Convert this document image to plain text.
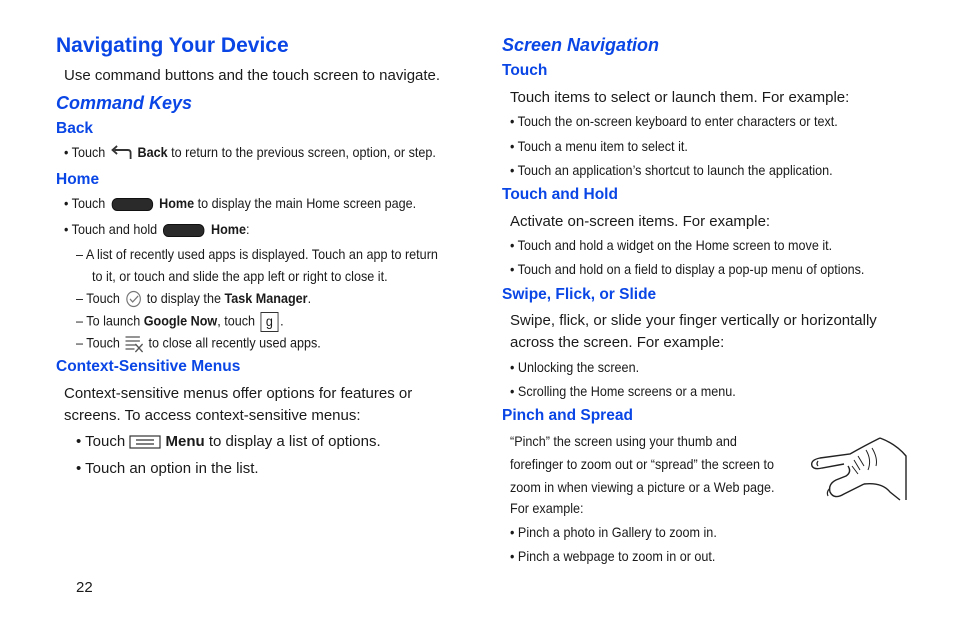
Navigating Your Device
Use command buttons and the touch screen to navigate.
Command Keys
Back
• Touch Back to return to the previous screen, option, or step.
Home
• Touch	Home to display the main Home screen page.
• Touch and hold	Home:
– A list of recently used apps is displayed. Touch an app to return
to it, or touch and slide the app left or right to close it.
– Touch to display the Task Manager.
– To launch Google Now, touch g .
– Touch to close all recently used apps.
Context-Sensitive Menus
Context-sensitive menus offer options for features or
screens. To access context-sensitive menus:
• Touch	Menu to display a list of options.
• Touch an option in the list.
Screen Navigation
Touch
Touch items to select or launch them. For example:
• Touch the on-screen keyboard to enter characters or text.
• Touch a menu item to select it.
• Touch an application’s shortcut to launch the application.
Touch and Hold
Activate on-screen items. For example:
• Touch and hold a widget on the Home screen to move it.
• Touch and hold on a field to display a pop-up menu of options.
Swipe, Flick, or Slide
Swipe, flick, or slide your finger vertically or horizontally
across the screen. For example:
• Unlocking the screen.
• Scrolling the Home screens or a menu.
Pinch and Spread
“Pinch” the screen using your thumb and
forefinger to zoom out or “spread” the screen to
zoom in when viewing a picture or a Web page.
For example:
• Pinch a photo in Gallery to zoom in.
• Pinch a webpage to zoom in or out.
22
